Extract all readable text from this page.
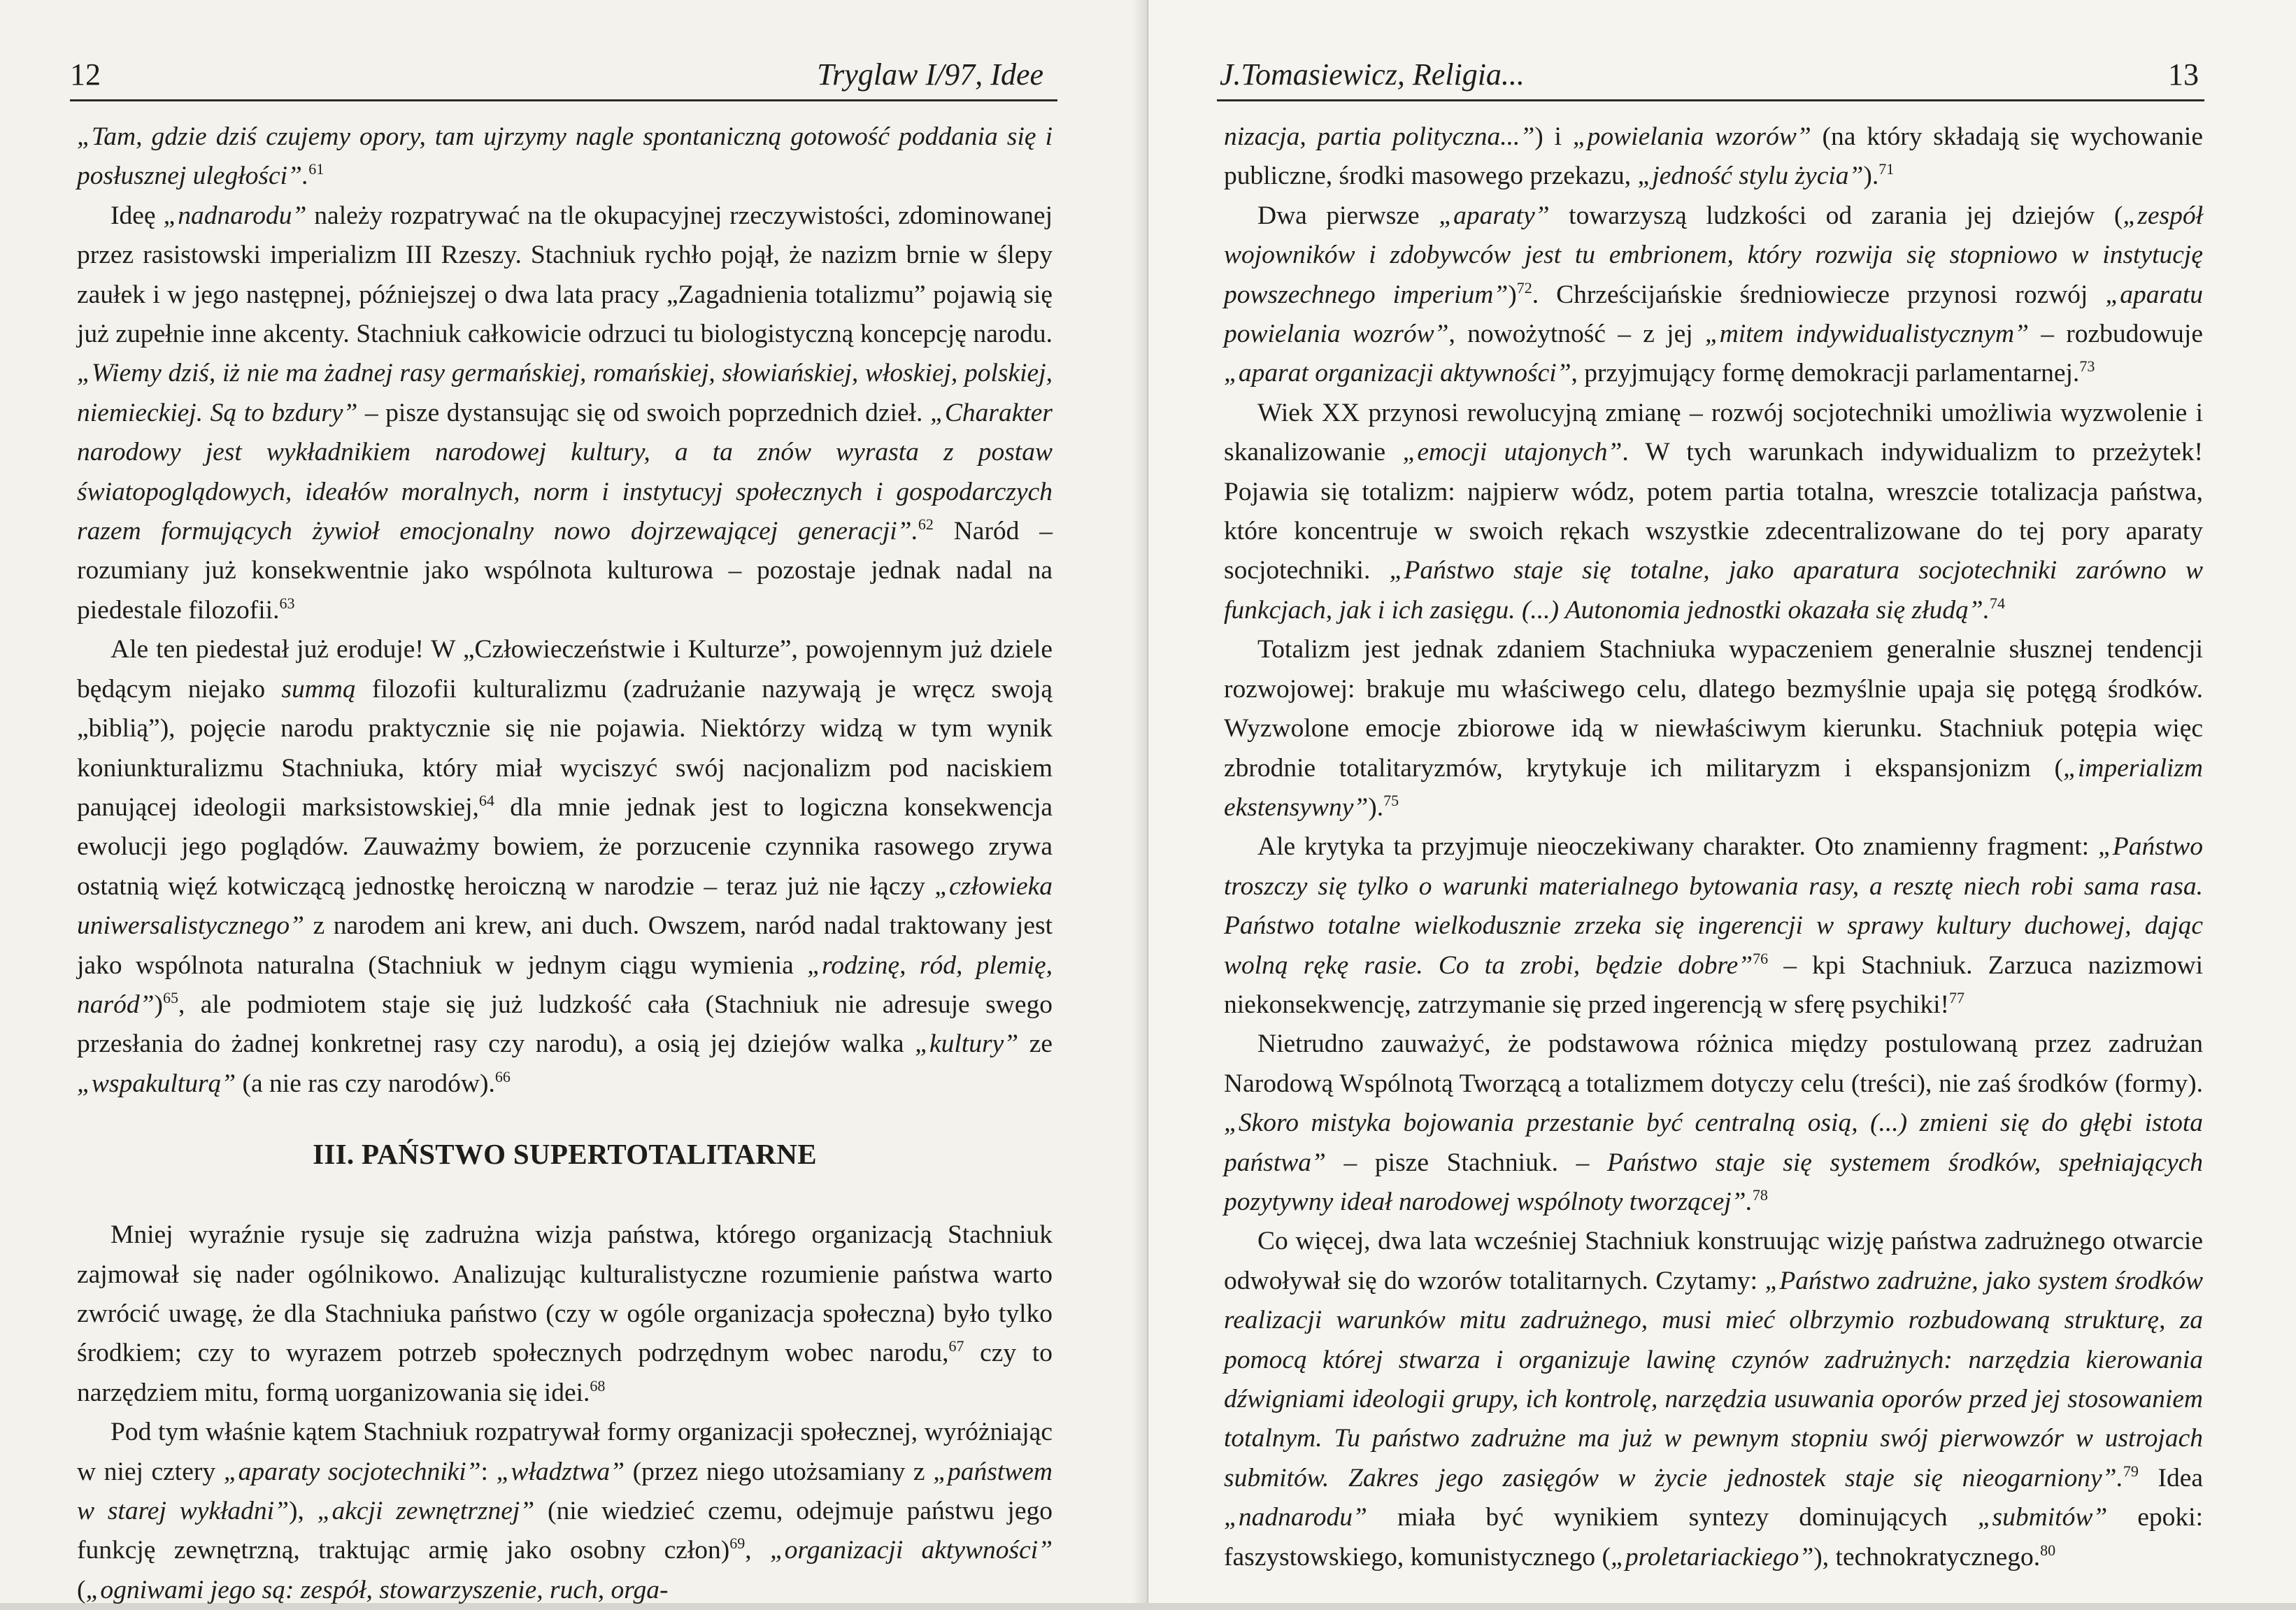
12	Tryglaw I/97, Idee

„Tam, gdzie dziś czujemy opory, tam ujrzymy nagle spontaniczną gotowość poddania się i posłusznej uległości”.$^{61}$

Ideę „nadnarodu” należy rozpatrywać na tle okupacyjnej rzeczywistości, zdominowanej przez rasistowski imperializm III Rzeszy. Stachniuk rychło pojął, że nazizm brnie w ślepy zaułek i w jego następnej, późniejszej o dwa lata pracy „Zagadnienia totalizmu” pojawią się już zupełnie inne akcenty. Stachniuk całkowicie odrzuci tu biologistyczną koncepcję narodu. „Wiemy dziś, iż nie ma żadnej rasy germańskiej, romańskiej, słowiańskiej, włoskiej, polskiej, niemieckiej. Są to bzdury” – pisze dystansując się od swoich poprzednich dzieł. „Charakter narodowy jest wykładnikiem narodowej kultury, a ta znów wyrasta z postaw światopoglądowych, ideałów moralnych, norm i instytucyj społecznych i gospodarczych razem formujących żywioł emocjonalny nowo dojrzewającej generacji”.$^{62}$ Naród – rozumiany już konsekwentnie jako wspólnota kulturowa – pozostaje jednak nadal na piedestale filozofii.$^{63}$

Ale ten piedestał już eroduje! W „Człowieczeństwie i Kulturze”, powojennym już dziele będącym niejako summą filozofii kulturalizmu (zadrużanie nazywają je wręcz swoją „biblią”), pojęcie narodu praktycznie się nie pojawia. Niektórzy widzą w tym wynik koniunkturalizmu Stachniuka, który miał wyciszyć swój nacjonalizm pod naciskiem panującej ideologii marksistowskiej,$^{64}$ dla mnie jednak jest to logiczna konsekwencja ewolucji jego poglądów. Zauważmy bowiem, że porzucenie czynnika rasowego zrywa ostatnią więź kotwiczącą jednostkę heroiczną w narodzie – teraz już nie łączy „człowieka uniwersalistycznego” z narodem ani krew, ani duch. Owszem, naród nadal traktowany jest jako wspólnota naturalna (Stachniuk w jednym ciągu wymienia „rodzinę, ród, plemię, naród”)$^{65}$, ale podmiotem staje się już ludzkość cała (Stachniuk nie adresuje swego przesłania do żadnej konkretnej rasy czy narodu), a osią jej dziejów walka „kultury” ze „wspakulturą” (a nie ras czy narodów).$^{66}$

III. PAŃSTWO SUPERTOTALITARNE

Mniej wyraźnie rysuje się zadrużna wizja państwa, którego organizacją Stachniuk zajmował się nader ogólnikowo. Analizując kulturalistyczne rozumienie państwa warto zwrócić uwagę, że dla Stachniuka państwo (czy w ogóle organizacja społeczna) było tylko środkiem; czy to wyrazem potrzeb społecznych podrzędnym wobec narodu,$^{67}$ czy to narzędziem mitu, formą uorganizowania się idei.$^{68}$

Pod tym właśnie kątem Stachniuk rozpatrywał formy organizacji społecznej, wyróżniając w niej cztery „aparaty socjotechniki”: „władztwa” (przez niego utożsamiany z „państwem w starej wykładni”), „akcji zewnętrznej” (nie wiedzieć czemu, odejmuje państwu jego funkcję zewnętrzną, traktując armię jako osobny człon)$^{69}$, „organizacji aktywności” („ogniwami jego są: zespół, stowarzyszenie, ruch, orga-

J.Tomasiewicz, Religia...	13

nizacja, partia polityczna...”) i „powielania wzorów” (na który składają się wychowanie publiczne, środki masowego przekazu, „jedność stylu życia”).$^{71}$

Dwa pierwsze „aparaty” towarzyszą ludzkości od zarania jej dziejów („zespół wojowników i zdobywców jest tu embrionem, który rozwija się stopniowo w instytucję powszechnego imperium”)$^{72}$. Chrześcijańskie średniowiecze przynosi rozwój „aparatu powielania wozrów”, nowożytność – z jej „mitem indywidualistycznym” – rozbudowuje „aparat organizacji aktywności”, przyjmujący formę demokracji parlamentarnej.$^{73}$

Wiek XX przynosi rewolucyjną zmianę – rozwój socjotechniki umożliwia wyzwolenie i skanalizowanie „emocji utajonych”. W tych warunkach indywidualizm to przeżytek! Pojawia się totalizm: najpierw wódz, potem partia totalna, wreszcie totalizacja państwa, które koncentruje w swoich rękach wszystkie zdecentralizowane do tej pory aparaty socjotechniki. „Państwo staje się totalne, jako aparatura socjotechniki zarówno w funkcjach, jak i ich zasięgu. (...) Autonomia jednostki okazała się złudą”.$^{74}$

Totalizm jest jednak zdaniem Stachniuka wypaczeniem generalnie słusznej tendencji rozwojowej: brakuje mu właściwego celu, dlatego bezmyślnie upaja się potęgą środków. Wyzwolone emocje zbiorowe idą w niewłaściwym kierunku. Stachniuk potępia więc zbrodnie totalitaryzmów, krytykuje ich militaryzm i ekspansjonizm („imperializm ekstensywny”).$^{75}$

Ale krytyka ta przyjmuje nieoczekiwany charakter. Oto znamienny fragment: „Państwo troszczy się tylko o warunki materialnego bytowania rasy, a resztę niech robi sama rasa. Państwo totalne wielkodusznie zrzeka się ingerencji w sprawy kultury duchowej, dając wolną rękę rasie. Co ta zrobi, będzie dobre”$^{76}$ – kpi Stachniuk. Zarzuca nazizmowi niekonsekwencję, zatrzymanie się przed ingerencją w sferę psychiki!$^{77}$

Nietrudno zauważyć, że podstawowa różnica między postulowaną przez zadrużan Narodową Wspólnotą Tworzącą a totalizmem dotyczy celu (treści), nie zaś środków (formy). „Skoro mistyka bojowania przestanie być centralną osią, (...) zmieni się do głębi istota państwa” – pisze Stachniuk. – Państwo staje się systemem środków, spełniających pozytywny ideał narodowej wspólnoty tworzącej”.$^{78}$

Co więcej, dwa lata wcześniej Stachniuk konstruując wizję państwa zadrużnego otwarcie odwoływał się do wzorów totalitarnych. Czytamy: „Państwo zadrużne, jako system środków realizacji warunków mitu zadrużnego, musi mieć olbrzymio rozbudowaną strukturę, za pomocą której stwarza i organizuje lawinę czynów zadrużnych: narzędzia kierowania dźwigniami ideologii grupy, ich kontrolę, narzędzia usuwania oporów przed jej stosowaniem totalnym. Tu państwo zadrużne ma już w pewnym stopniu swój pierwowzór w ustrojach submitów. Zakres jego zasięgów w życie jednostek staje się nieogarniony”.$^{79}$ Idea „nadnarodu” miała być wynikiem syntezy dominujących „submitów” epoki: faszystowskiego, komunistycznego („proletariackiego”), technokratycznego.$^{80}$
